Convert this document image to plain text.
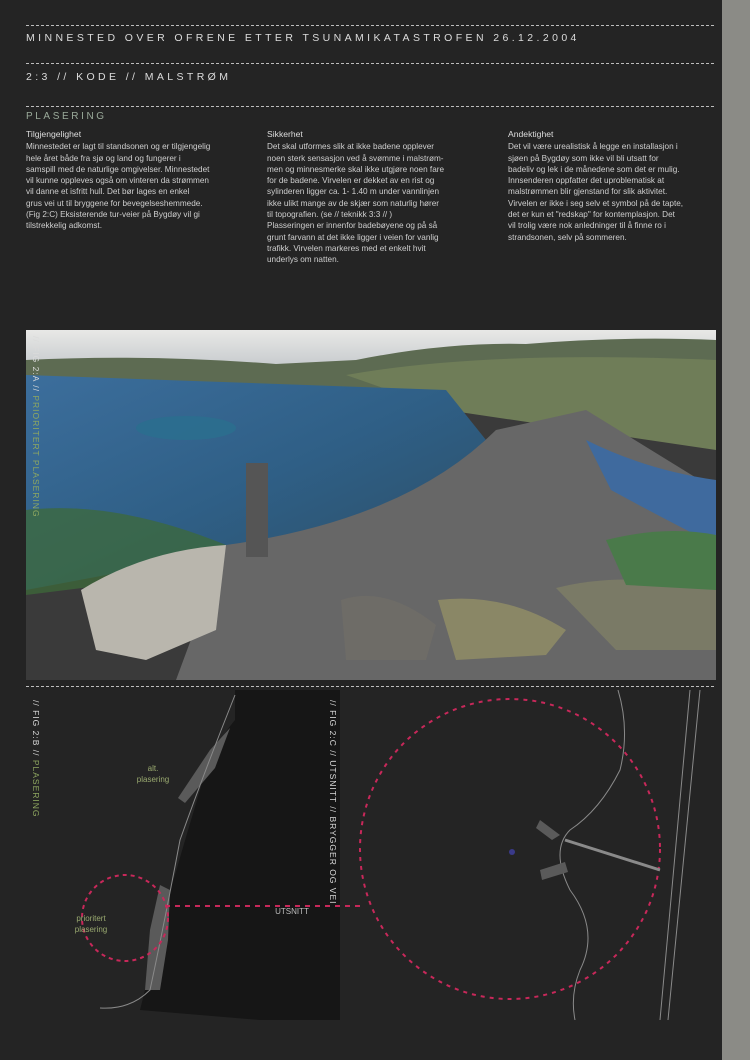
MINNESTED OVER OFRENE ETTER TSUNAMIKATASTROFEN 26.12.2004
2:3 // KODE // MALSTRØM
PLASERING
Tilgjengelighet
Minnestedet er lagt til standsonen og er tilgjengelig
hele året både fra sjø og land og fungerer i
samspill med de naturlige omgivelser. Minnestedet
vil kunne oppleves også om vinteren da strømmen
vil danne et isfritt hull. Det bør lages en enkel
grus vei ut til bryggene for bevegelseshemmede.
(Fig 2:C) Eksisterende tur-veier på Bygdøy vil gi
tilstrekkelig adkomst.
Sikkerhet
Det skal utformes slik at ikke badene opplever
noen sterk sensasjon ved å svømme i malstrøm-
men og minnesmerke skal ikke utgjøre noen fare
for de badene. Virvelen er dekket av en rist og
sylinderen ligger ca. 1- 1.40 m under vannlinjen
ikke ulikt mange av de skjær som naturlig hører
til topografien. (se // teknikk 3:3 // )
Plasseringen er innenfor badebøyene og på så
grunt farvann at det ikke ligger i veien for vanlig
trafikk. Virvelen markeres med et enkelt hvit
underlys om natten.
Andektighet
Det vil være urealistisk å legge en installasjon i
sjøen på Bygdøy som ikke vil bli utsatt for
badeliv og lek i de månedene som det er mulig.
Innsenderen oppfatter det uproblematisk at
malstrømmen blir gjenstand for slik aktivitet.
Virvelen er ikke i seg selv et symbol på de tapte,
det er kun et "redskap" for kontemplasjon. Det
vil trolig være nok anledninger til å finne ro i
strandsonen, selv på sommeren.
// FIG 2:A // PRIORITERT PLASERING
// FIG 2:B // PLASERING	// FIG 2:C // UTSNITT // BRYGGER OG VEI
alt.
plasering
prioritert
plasering
UTSNITT
